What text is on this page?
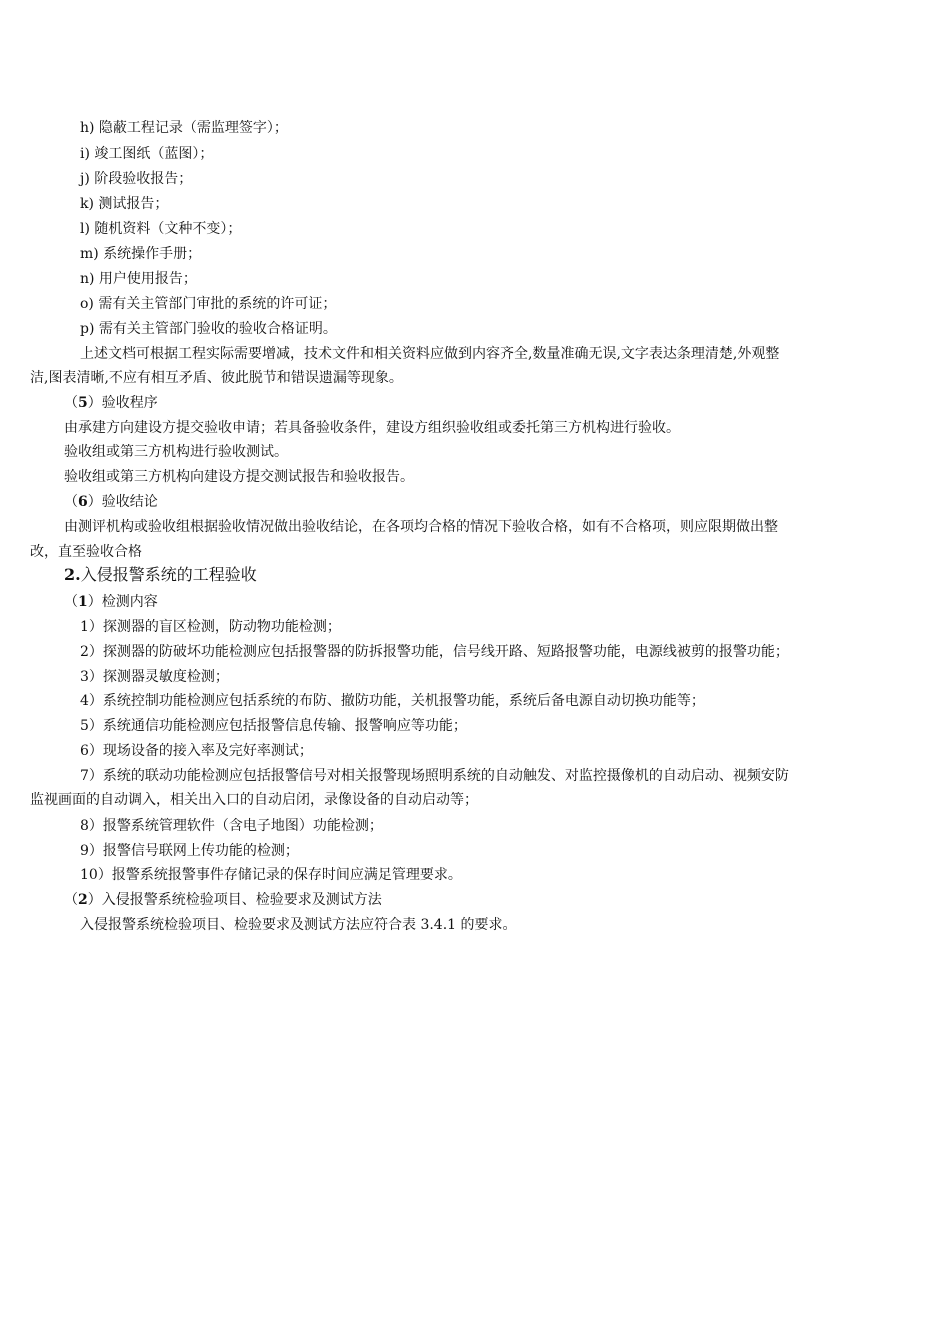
h) 隐蔽工程记录（需监理签字）；
i) 竣工图纸（蓝图）；
j) 阶段验收报告；
k) 测试报告；
l) 随机资料（文种不变）；
m) 系统操作手册；
n) 用户使用报告；
o) 需有关主管部门审批的系统的许可证；
p) 需有关主管部门验收的验收合格证明。
上述文档可根据工程实际需要增减，技术文件和相关资料应做到内容齐全,数量准确无误,文字表达条理清楚,外观整
洁,图表清晰,不应有相互矛盾、彼此脱节和错误遗漏等现象。
（5）验收程序
由承建方向建设方提交验收申请；若具备验收条件，建设方组织验收组或委托第三方机构进行验收。
验收组或第三方机构进行验收测试。
验收组或第三方机构向建设方提交测试报告和验收报告。
（6）验收结论
由测评机构或验收组根据验收情况做出验收结论，在各项均合格的情况下验收合格，如有不合格项，则应限期做出整
改，直至验收合格
2.入侵报警系统的工程验收
（1）检测内容
1）探测器的盲区检测，防动物功能检测；
2）探测器的防破坏功能检测应包括报警器的防拆报警功能，信号线开路、短路报警功能，电源线被剪的报警功能；
3）探测器灵敏度检测；
4）系统控制功能检测应包括系统的布防、撤防功能，关机报警功能，系统后备电源自动切换功能等；
5）系统通信功能检测应包括报警信息传输、报警响应等功能；
6）现场设备的接入率及完好率测试；
7）系统的联动功能检测应包括报警信号对相关报警现场照明系统的自动触发、对监控摄像机的自动启动、视频安防
监视画面的自动调入，相关出入口的自动启闭，录像设备的自动启动等；
8）报警系统管理软件（含电子地图）功能检测；
9）报警信号联网上传功能的检测；
10）报警系统报警事件存储记录的保存时间应满足管理要求。
（2）入侵报警系统检验项目、检验要求及测试方法
入侵报警系统检验项目、检验要求及测试方法应符合表 3.4.1 的要求。
